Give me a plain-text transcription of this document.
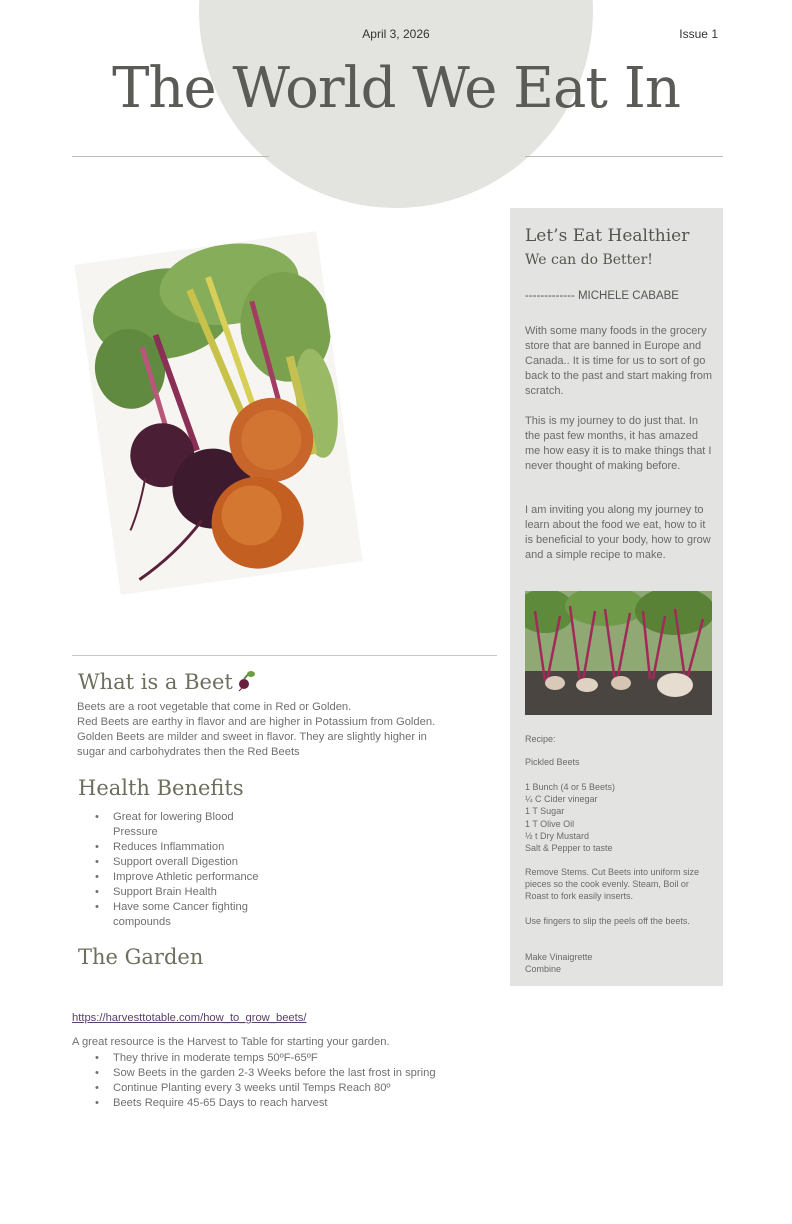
April 3, 2026	Issue 1
The World We Eat In
What is a Beet
Beets are a root vegetable that come in Red or Golden.
Red Beets are earthy in flavor and are higher in Potassium from Golden.
Golden Beets are milder and sweet in flavor. They are slightly higher in
sugar and carbohydrates then the Red Beets
Health Benefits
• Great for lowering Blood Pressure
• Reduces Inflammation
• Support overall Digestion
• Improve Athletic performance
• Support Brain Health
• Have some Cancer fighting compounds
The Garden
https://harvesttotable.com/how_to_grow_beets/
A great resource is the Harvest to Table for starting your garden.
• They thrive in moderate temps 50ºF-65ºF
• Sow Beets in the garden 2-3 Weeks before the last frost in spring
• Continue Planting every 3 weeks until Temps Reach 80º
• Beets Require 45-65 Days to reach harvest
Let’s Eat Healthier
We can do Better!
------------- MICHELE CABABE
With some many foods in the grocery store that are banned in Europe and Canada.. It is time for us to sort of go back to the past and start making from scratch.
This is my journey to do just that. In the past few months, it has amazed me how easy it is to make things that I never thought of making before.
I am inviting you along my journey to learn about the food we eat, how to it is beneficial to your body, how to grow and a simple recipe to make.
Recipe:
Pickled Beets
1 Bunch (4 or 5 Beets)
¼ C Cider vinegar
1 T Sugar
1 T Olive Oil
½ t Dry Mustard
Salt & Pepper to taste
Remove Stems. Cut Beets into uniform size pieces so the cook evenly. Steam, Boil or Roast to fork easily inserts.
Use fingers to slip the peels off the beets.
Make Vinaigrette
Combine
